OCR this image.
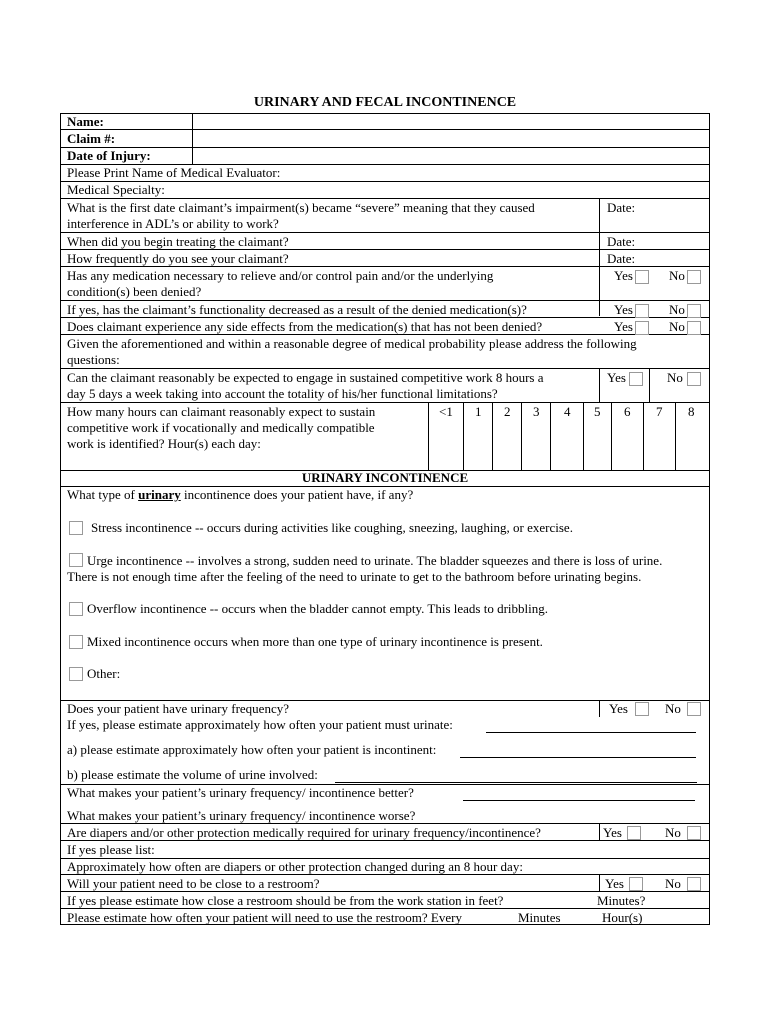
URINARY AND FECAL INCONTINENCE
Name:
Claim #:
Date of Injury:
Please Print Name of Medical Evaluator:
Medical Specialty:
What is the first date claimant’s impairment(s) became “severe” meaning that they caused
interference in ADL’s or ability to work?
Date:
When did you begin treating the claimant?	Date:
How frequently do you see your claimant?	Date:
Has any medication necessary to relieve and/or control pain and/or the underlying
condition(s) been denied?
Yes	No
If yes, has the claimant’s functionality decreased as a result of the denied medication(s)?	Yes	No
Does claimant experience any side effects from the medication(s) that has not been denied?	Yes	No
Given the aforementioned and within a reasonable degree of medical probability please address the following
questions:
Can the claimant reasonably be expected to engage in sustained competitive work 8 hours a
day 5 days a week taking into account the totality of his/her functional limitations?
Yes	No
How many hours can claimant reasonably expect to sustain
competitive work if vocationally and medically compatible
work is identified? Hour(s) each day:
<1 1 2 3 4 5 6 7 8
URINARY INCONTINENCE
What type of urinary incontinence does your patient have, if any?
Stress incontinence -- occurs during activities like coughing, sneezing, laughing, or exercise.
Urge incontinence -- involves a strong, sudden need to urinate. The bladder squeezes and there is loss of urine.
There is not enough time after the feeling of the need to urinate to get to the bathroom before urinating begins.
Overflow incontinence -- occurs when the bladder cannot empty. This leads to dribbling.
Mixed incontinence occurs when more than one type of urinary incontinence is present.
Other:
Does your patient have urinary frequency?	Yes	No
If yes, please estimate approximately how often your patient must urinate:
a) please estimate approximately how often your patient is incontinent:
b) please estimate the volume of urine involved:
What makes your patient’s urinary frequency/ incontinence better?
What makes your patient’s urinary frequency/ incontinence worse?
Are diapers and/or other protection medically required for urinary frequency/incontinence?	Yes	No
If yes please list:
Approximately how often are diapers or other protection changed during an 8 hour day:
Will your patient need to be close to a restroom?	Yes	No
If yes please estimate how close a restroom should be from the work station in feet?	Minutes?
Please estimate how often your patient will need to use the restroom? Every	Minutes	Hour(s)
